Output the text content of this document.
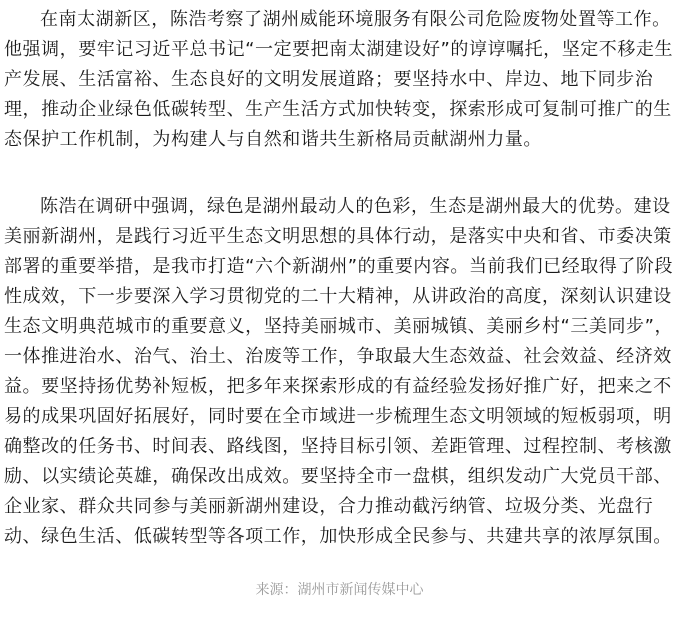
在南太湖新区，陈浩考察了湖州威能环境服务有限公司危险废物处置等工作。
他强调，要牢记习近平总书记“一定要把南太湖建设好”的谆谆嘱托，坚定不移走生
产发展、生活富裕、生态良好的文明发展道路；要坚持水中、岸边、地下同步治
理，推动企业绿色低碳转型、生产生活方式加快转变，探索形成可复制可推广的生
态保护工作机制，为构建人与自然和谐共生新格局贡献湖州力量。
陈浩在调研中强调，绿色是湖州最动人的色彩，生态是湖州最大的优势。建设
美丽新湖州，是践行习近平生态文明思想的具体行动，是落实中央和省、市委决策
部署的重要举措，是我市打造“六个新湖州”的重要内容。当前我们已经取得了阶段
性成效，下一步要深入学习贯彻党的二十大精神，从讲政治的高度，深刻认识建设
生态文明典范城市的重要意义，坚持美丽城市、美丽城镇、美丽乡村“三美同步”，
一体推进治水、治气、治土、治废等工作，争取最大生态效益、社会效益、经济效
益。要坚持扬优势补短板，把多年来探索形成的有益经验发扬好推广好，把来之不
易的成果巩固好拓展好，同时要在全市域进一步梳理生态文明领域的短板弱项，明
确整改的任务书、时间表、路线图，坚持目标引领、差距管理、过程控制、考核激
励、以实绩论英雄，确保改出成效。要坚持全市一盘棋，组织发动广大党员干部、
企业家、群众共同参与美丽新湖州建设，合力推动截污纳管、垃圾分类、光盘行
动、绿色生活、低碳转型等各项工作，加快形成全民参与、共建共享的浓厚氛围。
来源：湖州市新闻传媒中心
